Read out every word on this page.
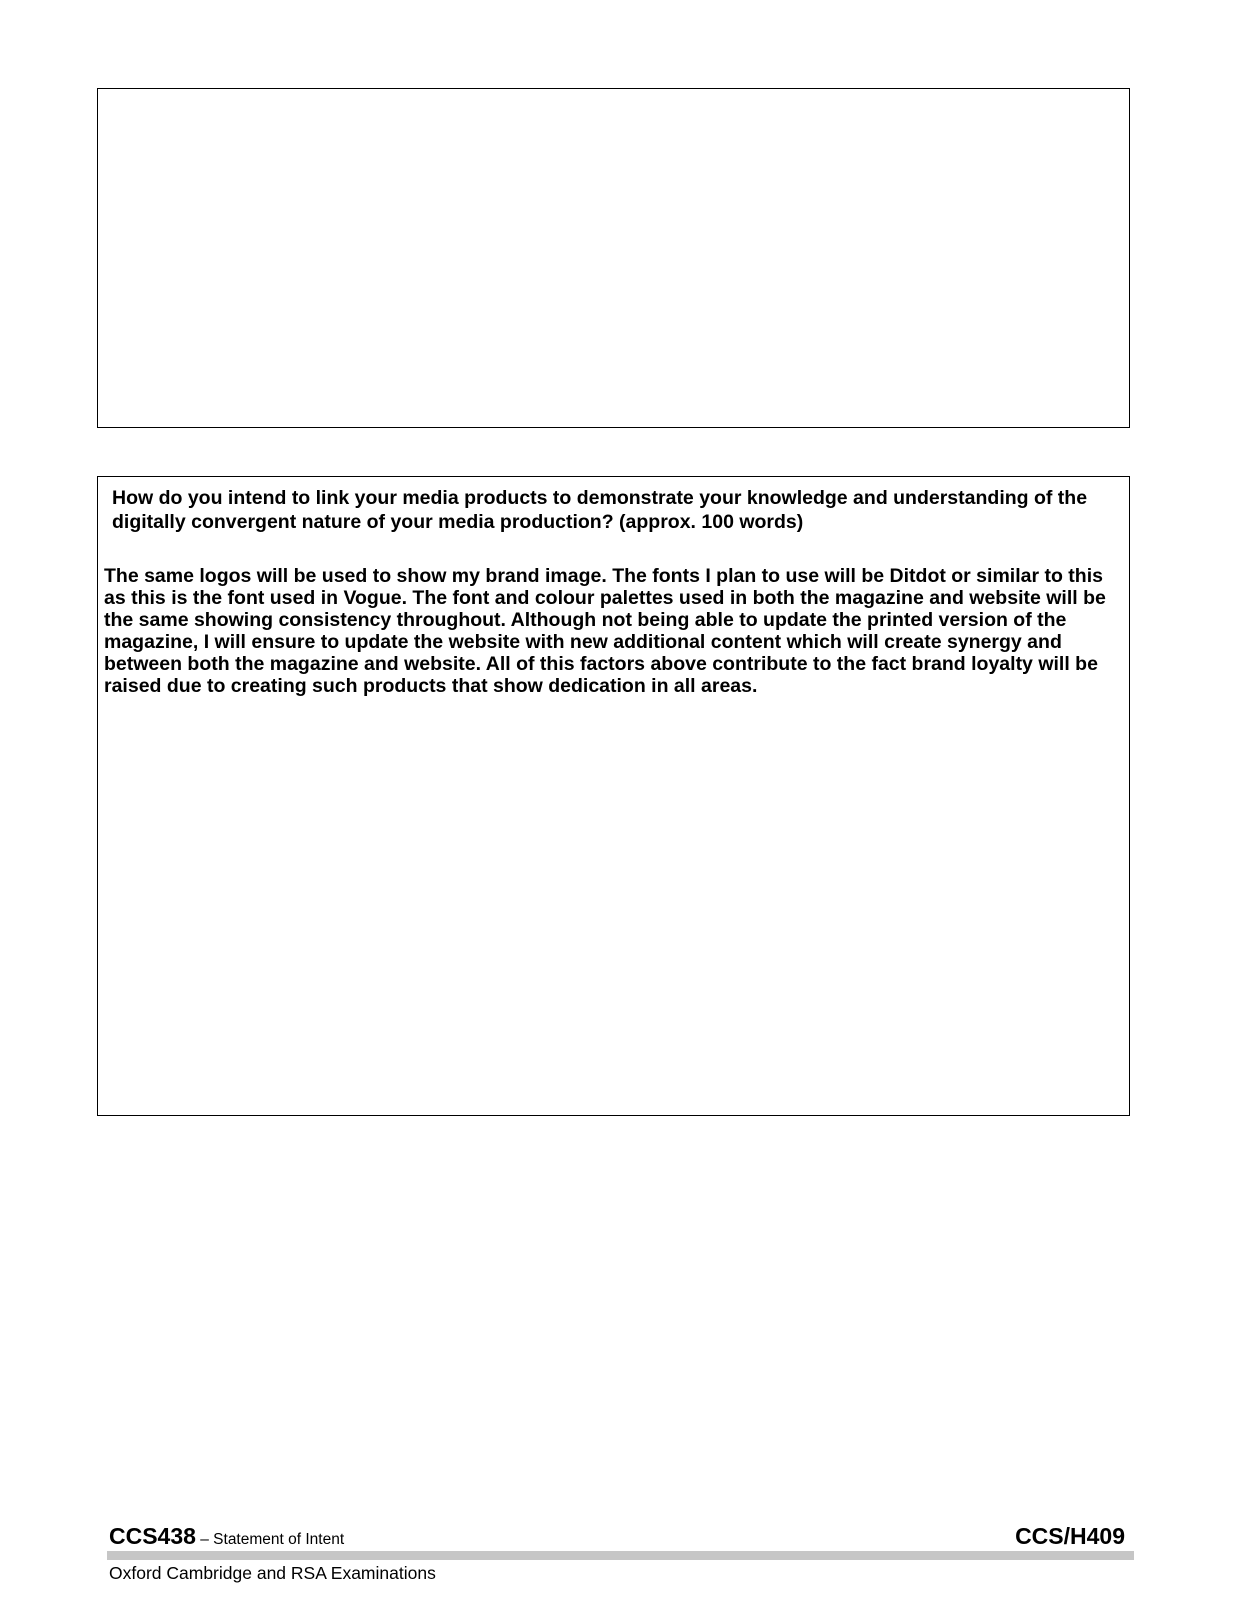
How do you intend to link your media products to demonstrate your knowledge and understanding of the digitally convergent nature of your media production? (approx. 100 words)
The same logos will be used to show my brand image. The fonts I plan to use will be Ditdot or similar to this as this is the font used in Vogue. The font and colour palettes used in both the magazine and website will be the same showing consistency throughout. Although not being able to update the printed version of the magazine, I will ensure to update the website with new additional content which will create synergy and between both the magazine and website. All of this factors above contribute to the fact brand loyalty will be raised due to creating such products that show dedication in all areas.
CCS438 – Statement of Intent	CCS/H409
Oxford Cambridge and RSA Examinations
